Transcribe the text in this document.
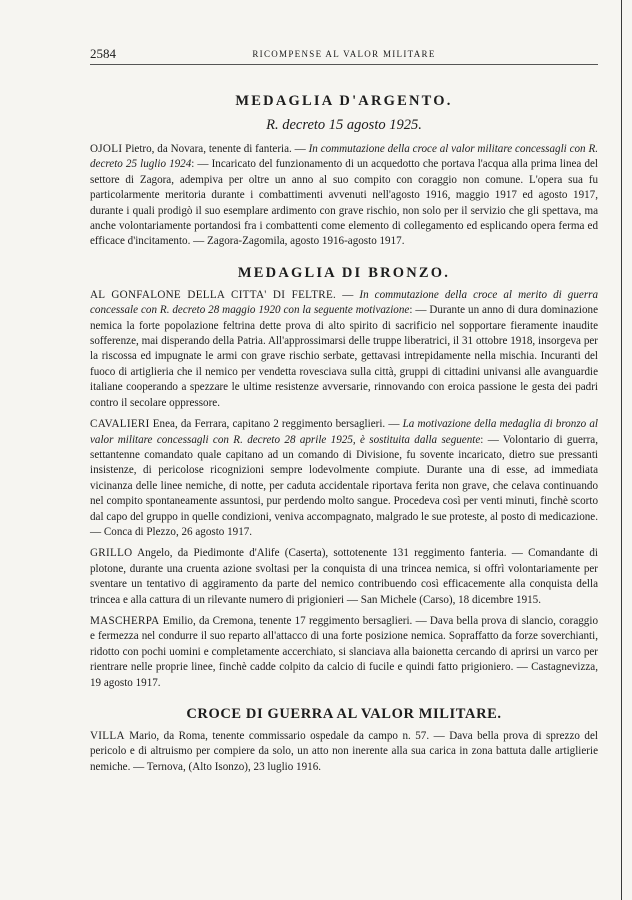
2584	RICOMPENSE AL VALOR MILITARE
MEDAGLIA D'ARGENTO.
R. decreto 15 agosto 1925.

OJOLI Pietro, da Novara, tenente di fanteria. — In commutazione della croce al valor militare concessagli con R. decreto 25 luglio 1924: — Incaricato del funzionamento di un acquedotto che portava l'acqua alla prima linea del settore di Zagora, adempiva per oltre un anno al suo compito con coraggio non comune. L'opera sua fu particolarmente meritoria durante i combattimenti avvenuti nell'agosto 1916, maggio 1917 ed agosto 1917, durante i quali prodigò il suo esemplare ardimento con grave rischio, non solo per il servizio che gli spettava, ma anche volontariamente portandosi fra i combattenti come elemento di collegamento ed esplicando opera ferma ed efficace d'incitamento. — Zagora-Zagomila, agosto 1916-agosto 1917.

MEDAGLIA DI BRONZO.

AL GONFALONE DELLA CITTA' DI FELTRE. — In commutazione della croce al merito di guerra concessale con R. decreto 28 maggio 1920 con la seguente motivazione: — Durante un anno di dura dominazione nemica la forte popolazione feltrina dette prova di alto spirito di sacrificio nel sopportare fieramente inaudite sofferenze, mai disperando della Patria. All'approssimarsi delle truppe liberatrici, il 31 ottobre 1918, insorgeva per la riscossa ed impugnate le armi con grave rischio serbate, gettavasi intrepidamente nella mischia. Incuranti del fuoco di artiglieria che il nemico per vendetta rovesciava sulla città, gruppi di cittadini univansi alle avanguardie italiane cooperando a spezzare le ultime resistenze avversarie, rinnovando con eroica passione le gesta dei padri contro il secolare oppressore.

CAVALIERI Enea, da Ferrara, capitano 2 reggimento bersaglieri. — La motivazione della medaglia di bronzo al valor militare concessagli con R. decreto 28 aprile 1925, è sostituita dalla seguente: — Volontario di guerra, settantenne comandato quale capitano ad un comando di Divisione, fu sovente incaricato, dietro sue pressanti insistenze, di pericolose ricognizioni sempre lodevolmente compiute. Durante una di esse, ad immediata vicinanza delle linee nemiche, di notte, per caduta accidentale riportava ferita non grave, che celava continuando nel compito spontaneamente assuntosi, pur perdendo molto sangue. Procedeva così per venti minuti, finchè scorto dal capo del gruppo in quelle condizioni, veniva accompagnato, malgrado le sue proteste, al posto di medicazione. — Conca di Plezzo, 26 agosto 1917.

GRILLO Angelo, da Piedimonte d'Alife (Caserta), sottotenente 131 reggimento fanteria. — Comandante di plotone, durante una cruenta azione svoltasi per la conquista di una trincea nemica, si offrì volontariamente per sventare un tentativo di aggiramento da parte del nemico contribuendo così efficacemente alla conquista della trincea e alla cattura di un rilevante numero di prigionieri — San Michele (Carso), 18 dicembre 1915.

MASCHERPA Emilio, da Cremona, tenente 17 reggimento bersaglieri. — Dava bella prova di slancio, coraggio e fermezza nel condurre il suo reparto all'attacco di una forte posizione nemica. Sopraffatto da forze soverchianti, ridotto con pochi uomini e completamente accerchiato, si slanciava alla baionetta cercando di aprirsi un varco per rientrare nelle proprie linee, finchè cadde colpito da calcio di fucile e quindi fatto prigioniero. — Castagnevizza, 19 agosto 1917.

CROCE DI GUERRA AL VALOR MILITARE.

VILLA Mario, da Roma, tenente commissario ospedale da campo n. 57. — Dava bella prova di sprezzo del pericolo e di altruismo per compiere da solo, un atto non inerente alla sua carica in zona battuta dalle artiglierie nemiche. — Ternova, (Alto Isonzo), 23 luglio 1916.
